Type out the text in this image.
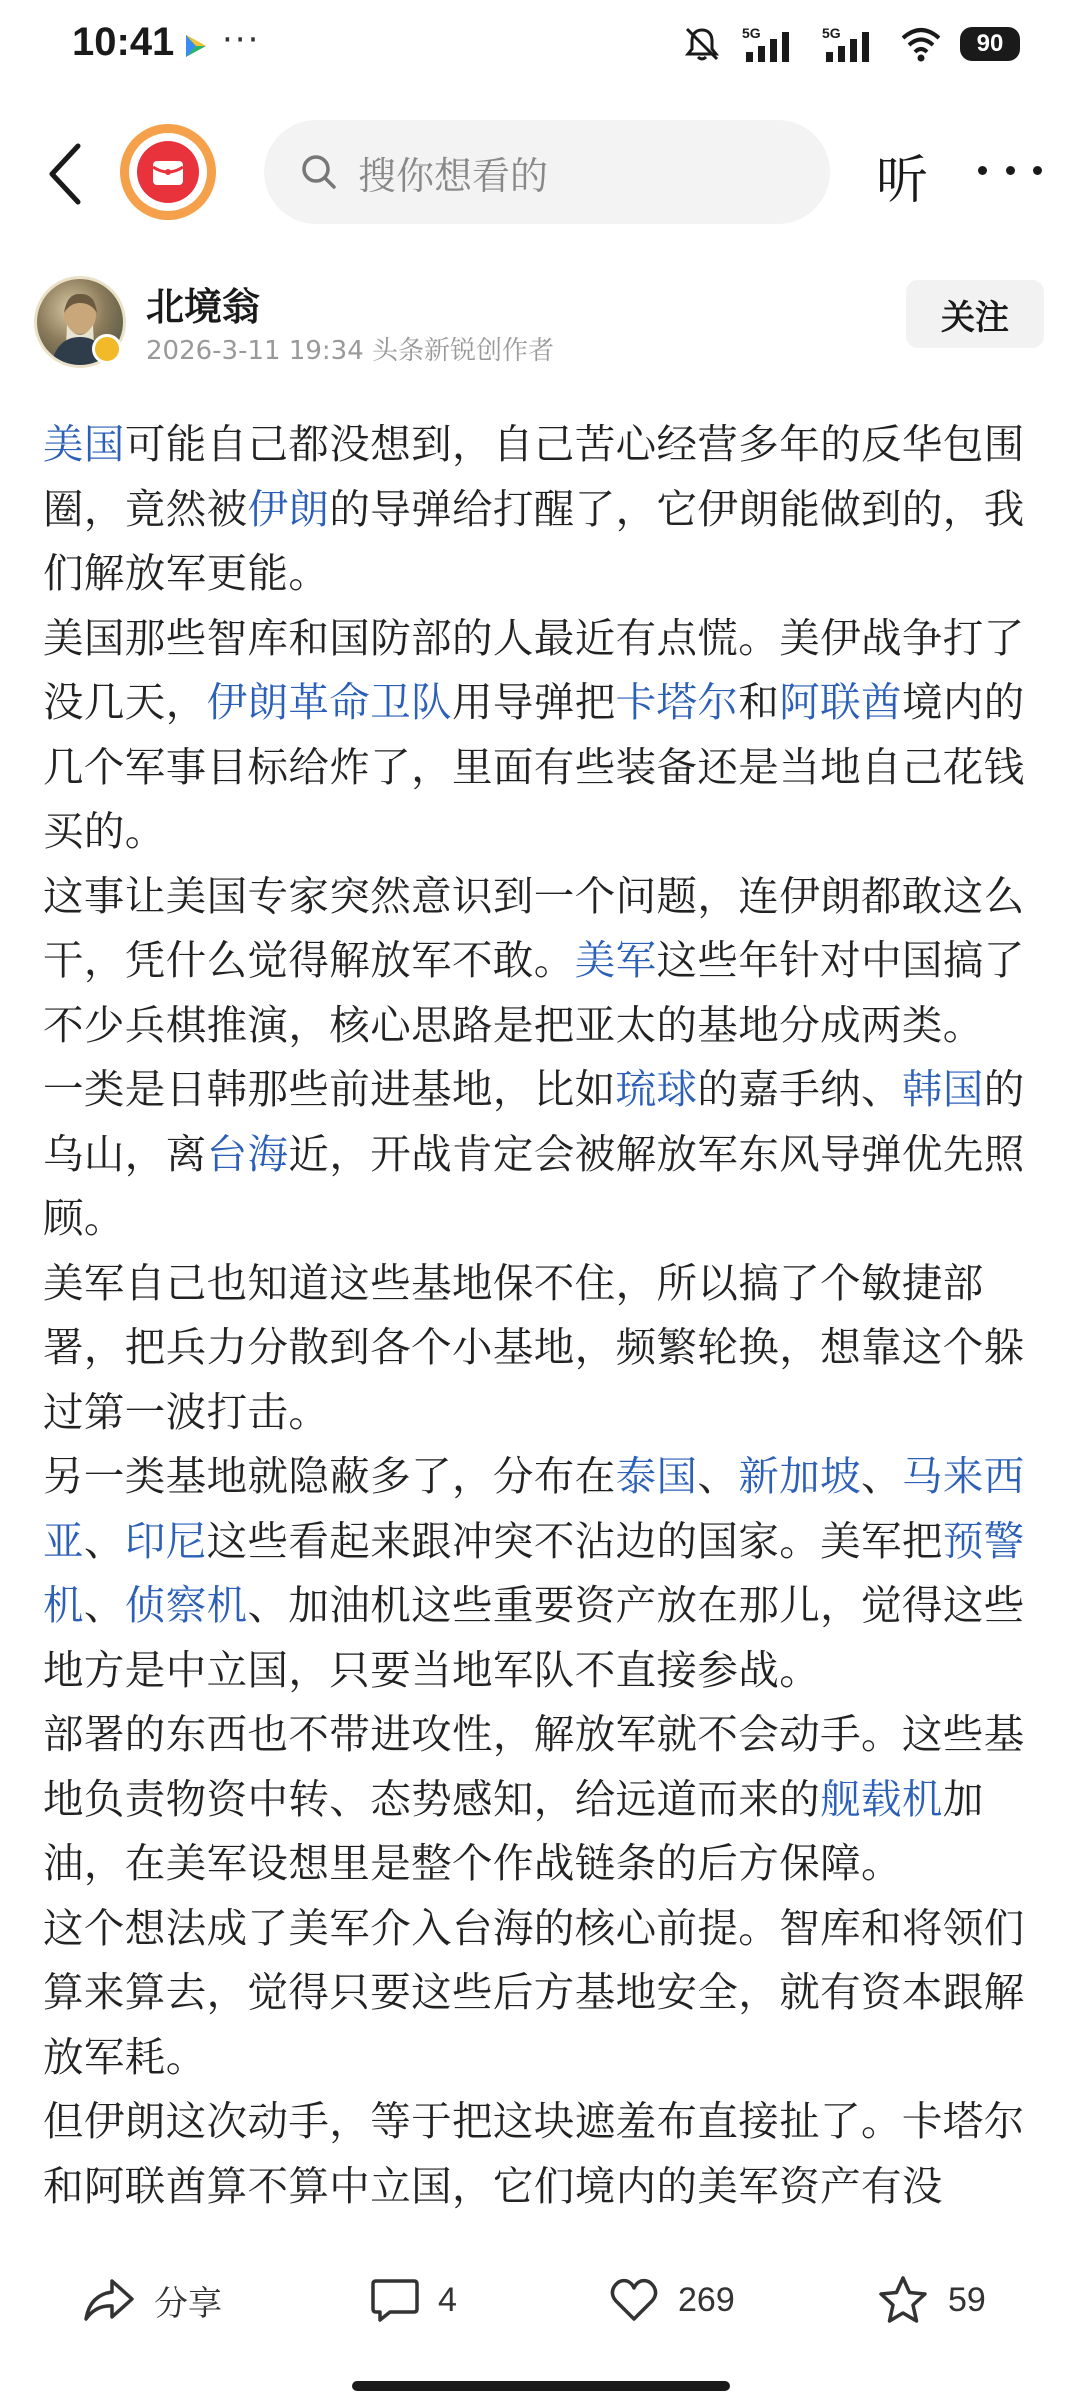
10:41 ···	5G	5G	90
搜你想看的	听
北境翁
2026-3-11 19:34 头条新锐创作者
关注

美国可能自己都没想到，自己苦心经营多年的反华包围圈，竟然被伊朗的导弹给打醒了，它伊朗能做到的，我们解放军更能。

美国那些智库和国防部的人最近有点慌。美伊战争打了没几天，伊朗革命卫队用导弹把卡塔尔和阿联酋境内的几个军事目标给炸了，里面有些装备还是当地自己花钱买的。

这事让美国专家突然意识到一个问题，连伊朗都敢这么干，凭什么觉得解放军不敢。美军这些年针对中国搞了不少兵棋推演，核心思路是把亚太的基地分成两类。

一类是日韩那些前进基地，比如琉球的嘉手纳、韩国的乌山，离台海近，开战肯定会被解放军东风导弹优先照顾。

美军自己也知道这些基地保不住，所以搞了个敏捷部署，把兵力分散到各个小基地，频繁轮换，想靠这个躲过第一波打击。

另一类基地就隐蔽多了，分布在泰国、新加坡、马来西亚、印尼这些看起来跟冲突不沾边的国家。美军把预警机、侦察机、加油机这些重要资产放在那儿，觉得这些地方是中立国，只要当地军队不直接参战。

部署的东西也不带进攻性，解放军就不会动手。这些基地负责物资中转、态势感知，给远道而来的舰载机加油，在美军设想里是整个作战链条的后方保障。

这个想法成了美军介入台海的核心前提。智库和将领们算来算去，觉得只要这些后方基地安全，就有资本跟解放军耗。

但伊朗这次动手，等于把这块遮羞布直接扯了。卡塔尔和阿联酋算不算中立国，它们境内的美军资产有没

分享	4	269	59
